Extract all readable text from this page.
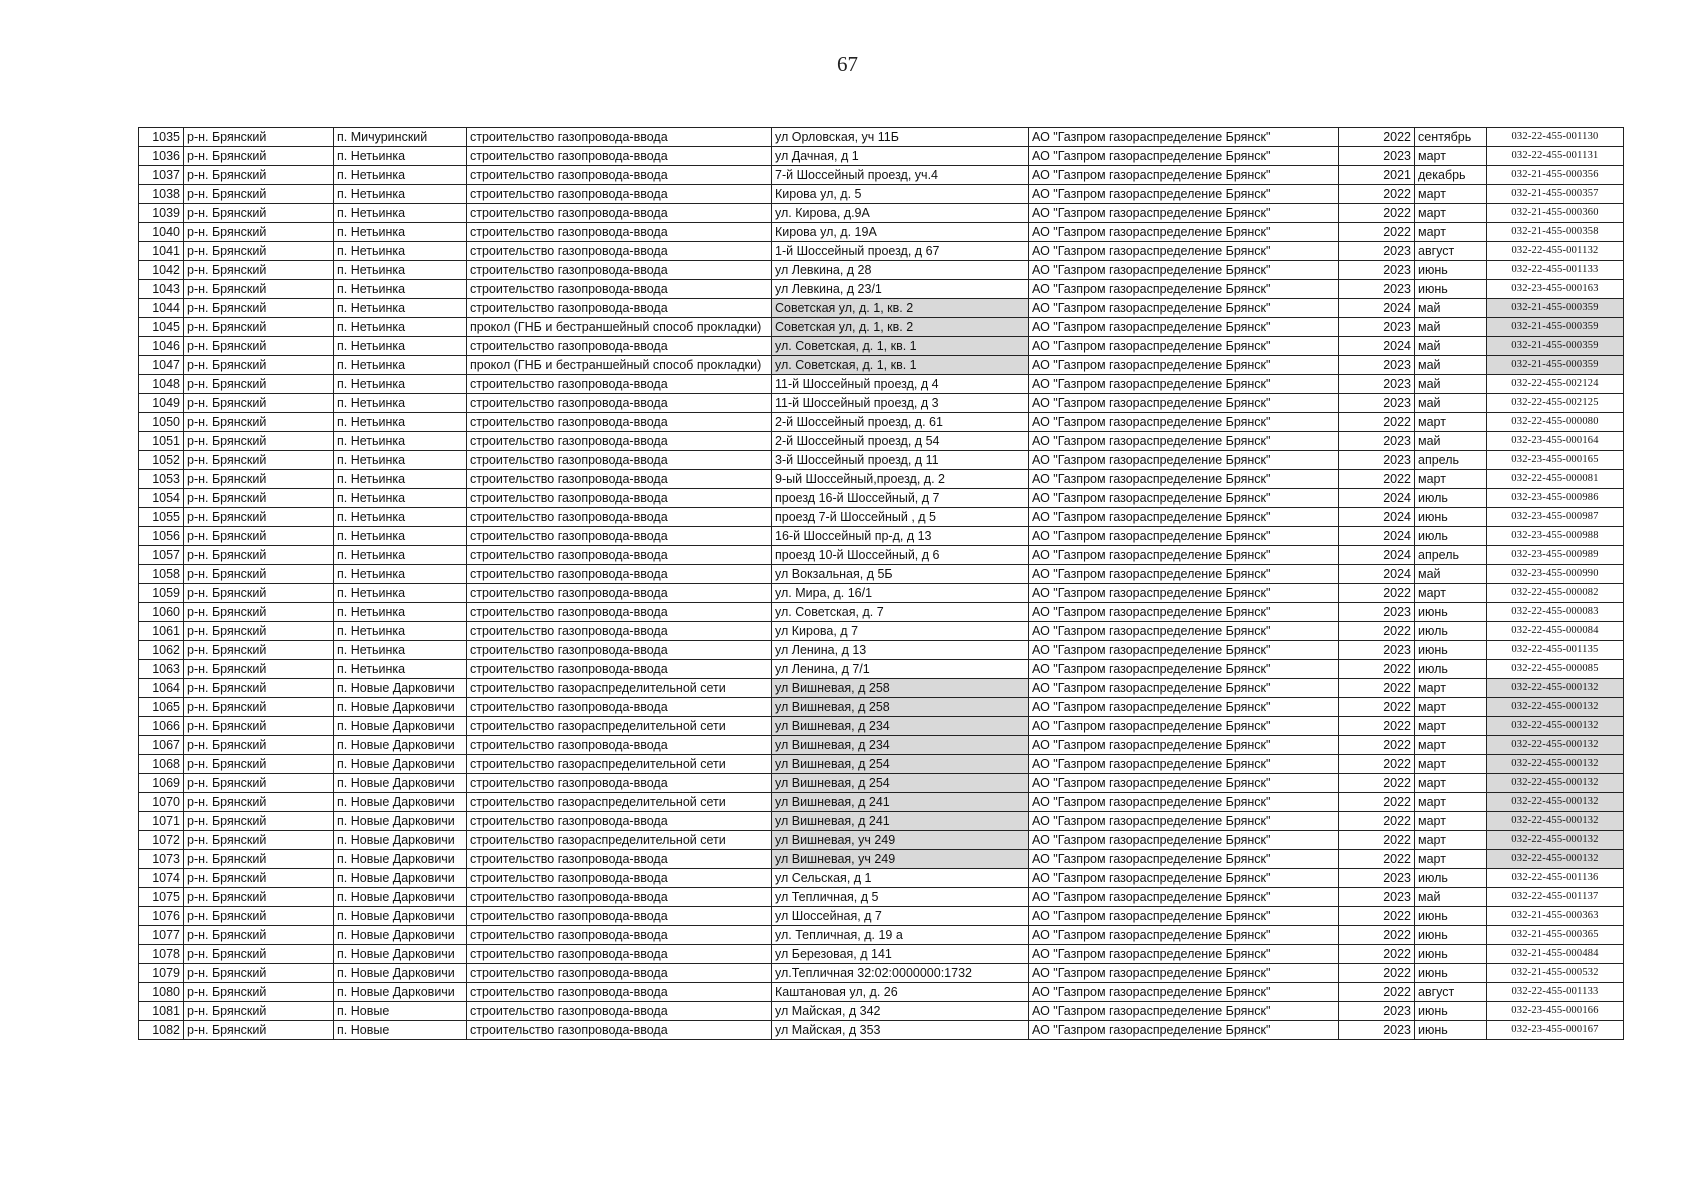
67
1035	р-н. Брянский	п. Мичуринский	строительство газопровода-ввода	ул Орловская, уч 11Б	АО "Газпром газораспределение Брянск"	2022	сентябрь	032-22-455-001130
1036	р-н. Брянский	п. Нетьинка	строительство газопровода-ввода	ул Дачная, д 1	АО "Газпром газораспределение Брянск"	2023	март	032-22-455-001131
1037	р-н. Брянский	п. Нетьинка	строительство газопровода-ввода	7-й Шоссейный проезд, уч.4	АО "Газпром газораспределение Брянск"	2021	декабрь	032-21-455-000356
1038	р-н. Брянский	п. Нетьинка	строительство газопровода-ввода	Кирова ул, д. 5	АО "Газпром газораспределение Брянск"	2022	март	032-21-455-000357
1039	р-н. Брянский	п. Нетьинка	строительство газопровода-ввода	ул. Кирова, д.9А	АО "Газпром газораспределение Брянск"	2022	март	032-21-455-000360
1040	р-н. Брянский	п. Нетьинка	строительство газопровода-ввода	Кирова ул, д. 19А	АО "Газпром газораспределение Брянск"	2022	март	032-21-455-000358
1041	р-н. Брянский	п. Нетьинка	строительство газопровода-ввода	1-й Шоссейный проезд, д 67	АО "Газпром газораспределение Брянск"	2023	август	032-22-455-001132
1042	р-н. Брянский	п. Нетьинка	строительство газопровода-ввода	ул Левкина, д 28	АО "Газпром газораспределение Брянск"	2023	июнь	032-22-455-001133
1043	р-н. Брянский	п. Нетьинка	строительство газопровода-ввода	ул Левкина, д 23/1	АО "Газпром газораспределение Брянск"	2023	июнь	032-23-455-000163
1044	р-н. Брянский	п. Нетьинка	строительство газопровода-ввода	Советская ул, д. 1, кв. 2	АО "Газпром газораспределение Брянск"	2024	май	032-21-455-000359
1045	р-н. Брянский	п. Нетьинка	прокол (ГНБ и бестраншейный способ прокладки)	Советская ул, д. 1, кв. 2	АО "Газпром газораспределение Брянск"	2023	май	032-21-455-000359
1046	р-н. Брянский	п. Нетьинка	строительство газопровода-ввода	ул. Советская, д. 1, кв. 1	АО "Газпром газораспределение Брянск"	2024	май	032-21-455-000359
1047	р-н. Брянский	п. Нетьинка	прокол (ГНБ и бестраншейный способ прокладки)	ул. Советская, д. 1, кв. 1	АО "Газпром газораспределение Брянск"	2023	май	032-21-455-000359
1048	р-н. Брянский	п. Нетьинка	строительство газопровода-ввода	11-й Шоссейный проезд, д 4	АО "Газпром газораспределение Брянск"	2023	май	032-22-455-002124
1049	р-н. Брянский	п. Нетьинка	строительство газопровода-ввода	11-й Шоссейный проезд, д 3	АО "Газпром газораспределение Брянск"	2023	май	032-22-455-002125
1050	р-н. Брянский	п. Нетьинка	строительство газопровода-ввода	2-й Шоссейный проезд, д. 61	АО "Газпром газораспределение Брянск"	2022	март	032-22-455-000080
1051	р-н. Брянский	п. Нетьинка	строительство газопровода-ввода	2-й Шоссейный проезд, д 54	АО "Газпром газораспределение Брянск"	2023	май	032-23-455-000164
1052	р-н. Брянский	п. Нетьинка	строительство газопровода-ввода	3-й Шоссейный проезд, д 11	АО "Газпром газораспределение Брянск"	2023	апрель	032-23-455-000165
1053	р-н. Брянский	п. Нетьинка	строительство газопровода-ввода	9-ый Шоссейный,проезд, д. 2	АО "Газпром газораспределение Брянск"	2022	март	032-22-455-000081
1054	р-н. Брянский	п. Нетьинка	строительство газопровода-ввода	проезд 16-й Шоссейный, д 7	АО "Газпром газораспределение Брянск"	2024	июль	032-23-455-000986
1055	р-н. Брянский	п. Нетьинка	строительство газопровода-ввода	проезд 7-й Шоссейный , д 5	АО "Газпром газораспределение Брянск"	2024	июнь	032-23-455-000987
1056	р-н. Брянский	п. Нетьинка	строительство газопровода-ввода	16-й Шоссейный пр-д, д 13	АО "Газпром газораспределение Брянск"	2024	июль	032-23-455-000988
1057	р-н. Брянский	п. Нетьинка	строительство газопровода-ввода	проезд 10-й Шоссейный, д 6	АО "Газпром газораспределение Брянск"	2024	апрель	032-23-455-000989
1058	р-н. Брянский	п. Нетьинка	строительство газопровода-ввода	ул Вокзальная, д 5Б	АО "Газпром газораспределение Брянск"	2024	май	032-23-455-000990
1059	р-н. Брянский	п. Нетьинка	строительство газопровода-ввода	ул. Мира, д. 16/1	АО "Газпром газораспределение Брянск"	2022	март	032-22-455-000082
1060	р-н. Брянский	п. Нетьинка	строительство газопровода-ввода	ул. Советская, д. 7	АО "Газпром газораспределение Брянск"	2023	июнь	032-22-455-000083
1061	р-н. Брянский	п. Нетьинка	строительство газопровода-ввода	ул Кирова, д 7	АО "Газпром газораспределение Брянск"	2022	июль	032-22-455-000084
1062	р-н. Брянский	п. Нетьинка	строительство газопровода-ввода	ул Ленина, д 13	АО "Газпром газораспределение Брянск"	2023	июнь	032-22-455-001135
1063	р-н. Брянский	п. Нетьинка	строительство газопровода-ввода	ул Ленина, д 7/1	АО "Газпром газораспределение Брянск"	2022	июль	032-22-455-000085
1064	р-н. Брянский	п. Новые Дарковичи	строительство газораспределительной сети	ул Вишневая, д 258	АО "Газпром газораспределение Брянск"	2022	март	032-22-455-000132
1065	р-н. Брянский	п. Новые Дарковичи	строительство газопровода-ввода	ул Вишневая, д 258	АО "Газпром газораспределение Брянск"	2022	март	032-22-455-000132
1066	р-н. Брянский	п. Новые Дарковичи	строительство газораспределительной сети	ул Вишневая, д 234	АО "Газпром газораспределение Брянск"	2022	март	032-22-455-000132
1067	р-н. Брянский	п. Новые Дарковичи	строительство газопровода-ввода	ул Вишневая, д 234	АО "Газпром газораспределение Брянск"	2022	март	032-22-455-000132
1068	р-н. Брянский	п. Новые Дарковичи	строительство газораспределительной сети	ул Вишневая, д 254	АО "Газпром газораспределение Брянск"	2022	март	032-22-455-000132
1069	р-н. Брянский	п. Новые Дарковичи	строительство газопровода-ввода	ул Вишневая, д 254	АО "Газпром газораспределение Брянск"	2022	март	032-22-455-000132
1070	р-н. Брянский	п. Новые Дарковичи	строительство газораспределительной сети	ул Вишневая, д 241	АО "Газпром газораспределение Брянск"	2022	март	032-22-455-000132
1071	р-н. Брянский	п. Новые Дарковичи	строительство газопровода-ввода	ул Вишневая, д 241	АО "Газпром газораспределение Брянск"	2022	март	032-22-455-000132
1072	р-н. Брянский	п. Новые Дарковичи	строительство газораспределительной сети	ул Вишневая, уч 249	АО "Газпром газораспределение Брянск"	2022	март	032-22-455-000132
1073	р-н. Брянский	п. Новые Дарковичи	строительство газопровода-ввода	ул Вишневая, уч 249	АО "Газпром газораспределение Брянск"	2022	март	032-22-455-000132
1074	р-н. Брянский	п. Новые Дарковичи	строительство газопровода-ввода	ул Сельская, д 1	АО "Газпром газораспределение Брянск"	2023	июль	032-22-455-001136
1075	р-н. Брянский	п. Новые Дарковичи	строительство газопровода-ввода	ул Тепличная, д 5	АО "Газпром газораспределение Брянск"	2023	май	032-22-455-001137
1076	р-н. Брянский	п. Новые Дарковичи	строительство газопровода-ввода	ул Шоссейная, д 7	АО "Газпром газораспределение Брянск"	2022	июнь	032-21-455-000363
1077	р-н. Брянский	п. Новые Дарковичи	строительство газопровода-ввода	ул. Тепличная, д. 19 а	АО "Газпром газораспределение Брянск"	2022	июнь	032-21-455-000365
1078	р-н. Брянский	п. Новые Дарковичи	строительство газопровода-ввода	ул Березовая, д 141	АО "Газпром газораспределение Брянск"	2022	июнь	032-21-455-000484
1079	р-н. Брянский	п. Новые Дарковичи	строительство газопровода-ввода	ул.Тепличная 32:02:0000000:1732	АО "Газпром газораспределение Брянск"	2022	июнь	032-21-455-000532
1080	р-н. Брянский	п. Новые Дарковичи	строительство газопровода-ввода	Каштановая ул, д. 26	АО "Газпром газораспределение Брянск"	2022	август	032-22-455-001133
1081	р-н. Брянский	п. Новые	строительство газопровода-ввода	ул Майская, д 342	АО "Газпром газораспределение Брянск"	2023	июнь	032-23-455-000166
1082	р-н. Брянский	п. Новые	строительство газопровода-ввода	ул Майская, д 353	АО "Газпром газораспределение Брянск"	2023	июнь	032-23-455-000167
